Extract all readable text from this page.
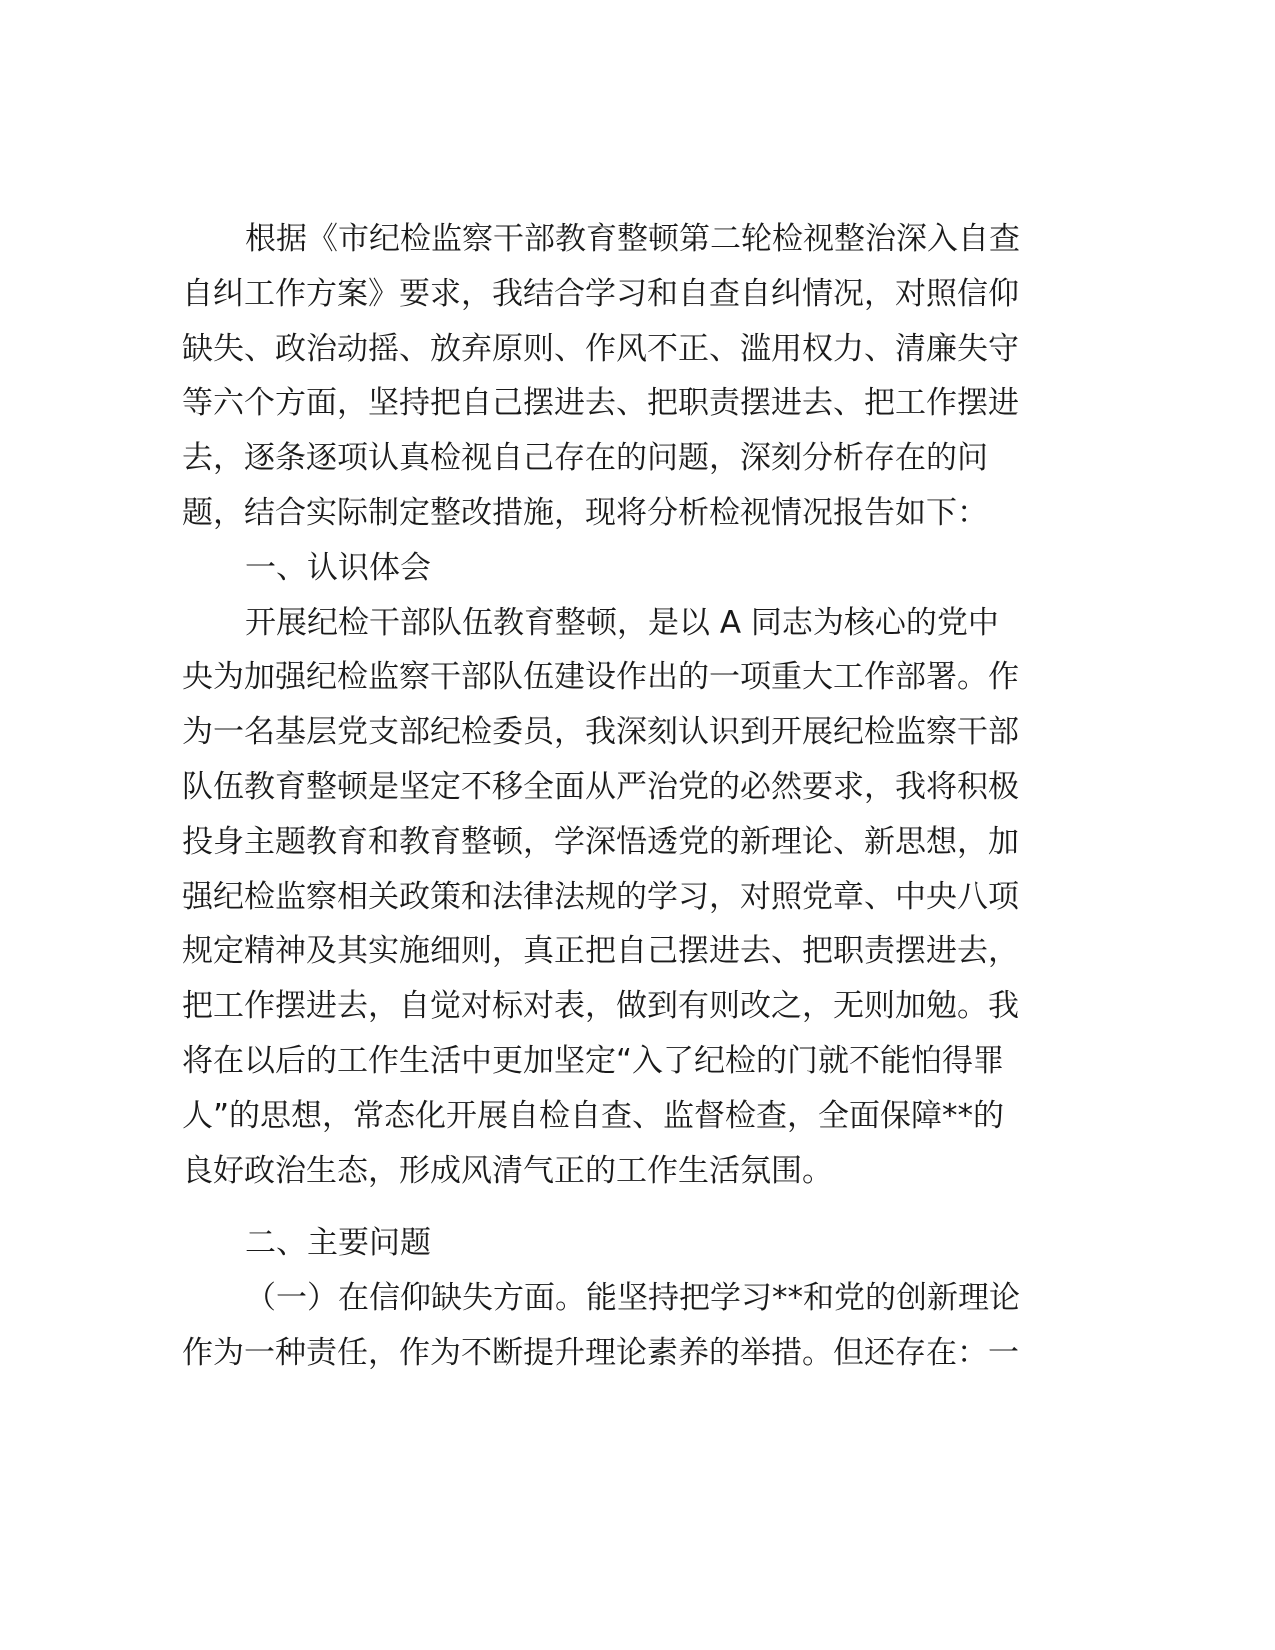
根据《市纪检监察干部教育整顿第二轮检视整治深入自查
自纠工作方案》要求，我结合学习和自查自纠情况，对照信仰
缺失、政治动摇、放弃原则、作风不正、滥用权力、清廉失守
等六个方面，坚持把自己摆进去、把职责摆进去、把工作摆进
去，逐条逐项认真检视自己存在的问题，深刻分析存在的问
题，结合实际制定整改措施，现将分析检视情况报告如下：
一、认识体会
开展纪检干部队伍教育整顿，是以 A 同志为核心的党中
央为加强纪检监察干部队伍建设作出的一项重大工作部署。作
为一名基层党支部纪检委员，我深刻认识到开展纪检监察干部
队伍教育整顿是坚定不移全面从严治党的必然要求，我将积极
投身主题教育和教育整顿，学深悟透党的新理论、新思想，加
强纪检监察相关政策和法律法规的学习，对照党章、中央八项
规定精神及其实施细则，真正把自己摆进去、把职责摆进去，
把工作摆进去，自觉对标对表，做到有则改之，无则加勉。我
将在以后的工作生活中更加坚定“入了纪检的门就不能怕得罪
人”的思想，常态化开展自检自查、监督检查，全面保障**的
良好政治生态，形成风清气正的工作生活氛围。
二、主要问题
（一）在信仰缺失方面。能坚持把学习**和党的创新理论
作为一种责任，作为不断提升理论素养的举措。但还存在：一
